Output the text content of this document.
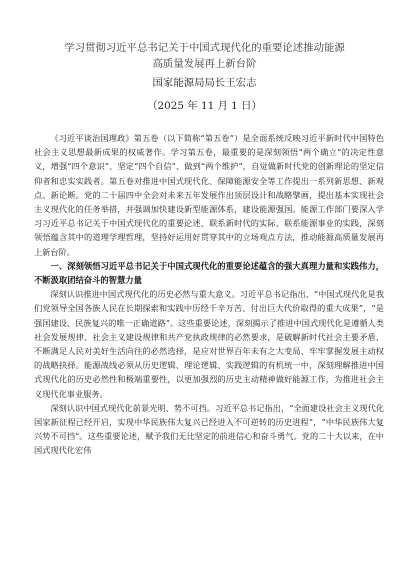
学习贯彻习近平总书记关于中国式现代化的重要论述推动能源高质量发展再上新台阶
国家能源局局长王宏志
（2025 年 11 月 1 日）

《习近平谈治国理政》第五卷（以下简称“第五卷”）是全面系统反映习近平新时代中国特色社会主义思想最新成果的权威著作。学习第五卷，最重要的是深刻领悟“两个确立”的决定性意义，增强“四个意识”、坚定“四个自信”、做到“两个维护”，自觉做新时代党的创新理论的坚定信仰者和忠实实践者。第五卷对推进中国式现代化、保障能源安全等工作提出一系列新思想、新观点、新论断。党的二十届四中全会对未来五年发展作出顶层设计和战略擘画，提出基本实现社会主义现代化的任务举措，并强调加快建设新型能源体系，建设能源强国。能源工作部门要深入学习习近平总书记关于中国式现代化的重要论述，联系新时代的实际，联系能源事业的实践，深刻领悟蕴含其中的道理学理哲理，坚持好运用好贯穿其中的立场观点方法，推动能源高质量发展再上新台阶。

一、深刻领悟习近平总书记关于中国式现代化的重要论述蕴含的强大真理力量和实践伟力，不断汲取团结奋斗的智慧力量

深刻认识推进中国式现代化的历史必然与重大意义。习近平总书记指出，“中国式现代化是我们党领导全国各族人民在长期探索和实践中历经千辛万苦、付出巨大代价取得的重大成果”，“是强国建设、民族复兴的唯一正确道路”。这些重要论述，深刻揭示了推进中国式现代化是遵循人类社会发展规律、社会主义建设规律和共产党执政规律的必然要求，是破解新时代社会主要矛盾、不断满足人民对美好生活向往的必然选择，是应对世界百年未有之大变局、牢牢掌握发展主动权的战略抉择。能源战线必须从历史逻辑、理论逻辑、实践逻辑的有机统一中，深刻理解推进中国式现代化的历史必然性和极端重要性，以更加强烈的历史主动精神做好能源工作，为推进社会主义现代化事业服务。

深刻认识中国式现代化前景光明、势不可挡。习近平总书记指出，“全面建设社会主义现代化国家新征程已经开启，实现中华民族伟大复兴已经进入不可逆转的历史进程”，“中华民族伟大复兴势不可挡”。这些重要论述，赋予我们无比坚定的前进信心和奋斗勇气。党的二十大以来，在中国式现代化宏伟
